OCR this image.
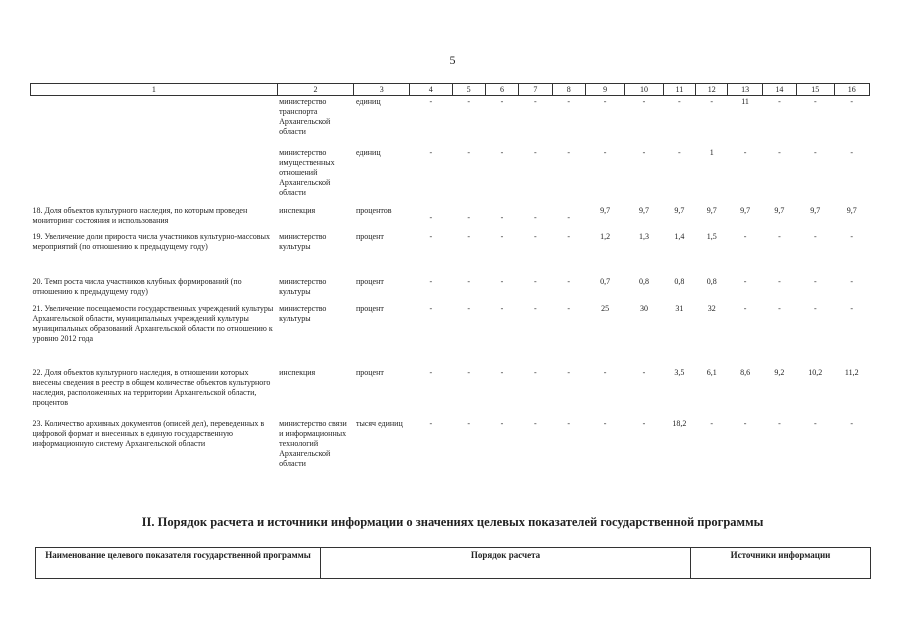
5
1	2	3	4	5	6	7	8	9	10	11	12	13	14	15	16
	министерство транспорта Архангельской области	единиц	-	-	-	-	-	-	-	-	-	11	-	-	-
	министерство имущественных отношений Архангельской области	единиц	-	-	-	-	-	-	-	-	1	-	-	-	-
18. Доля объектов культурного наследия, по которым проведен мониторинг состояния и использования	инспекция	процентов	-	-	-	-	-	9,7	9,7	9,7	9,7	9,7	9,7	9,7	9,7
19. Увеличение доли прироста числа участников культурно-массовых мероприятий (по отношению к предыдущему году)	министерство культуры	процент	-	-	-	-	-	1,2	1,3	1,4	1,5	-	-	-	-
20. Темп роста числа участников клубных формирований (по отношению к предыдущему году)	министерство культуры	процент	-	-	-	-	-	0,7	0,8	0,8	0,8	-	-	-	-
21. Увеличение посещаемости государственных учреждений культуры Архангельской области, муниципальных учреждений культуры муниципальных образований Архангельской области по отношению к уровню 2012 года	министерство культуры	процент	-	-	-	-	-	25	30	31	32	-	-	-	-
22. Доля объектов культурного наследия, в отношении которых внесены сведения в реестр в общем количестве объектов культурного наследия, расположенных на территории Архангельской области, процентов	инспекция	процент	-	-	-	-	-	-	-	3,5	6,1	8,6	9,2	10,2	11,2
23. Количество архивных документов (описей дел), переведенных в цифровой формат и внесенных в единую государственную информационную систему Архангельской области	министерство связи и информационных технологий Архангельской области	тысяч единиц	-	-	-	-	-	-	-	18,2	-	-	-	-	-
II. Порядок расчета и источники информации о значениях целевых показателей государственной программы
Наименование целевого показателя государственной программы	Порядок расчета	Источники информации
